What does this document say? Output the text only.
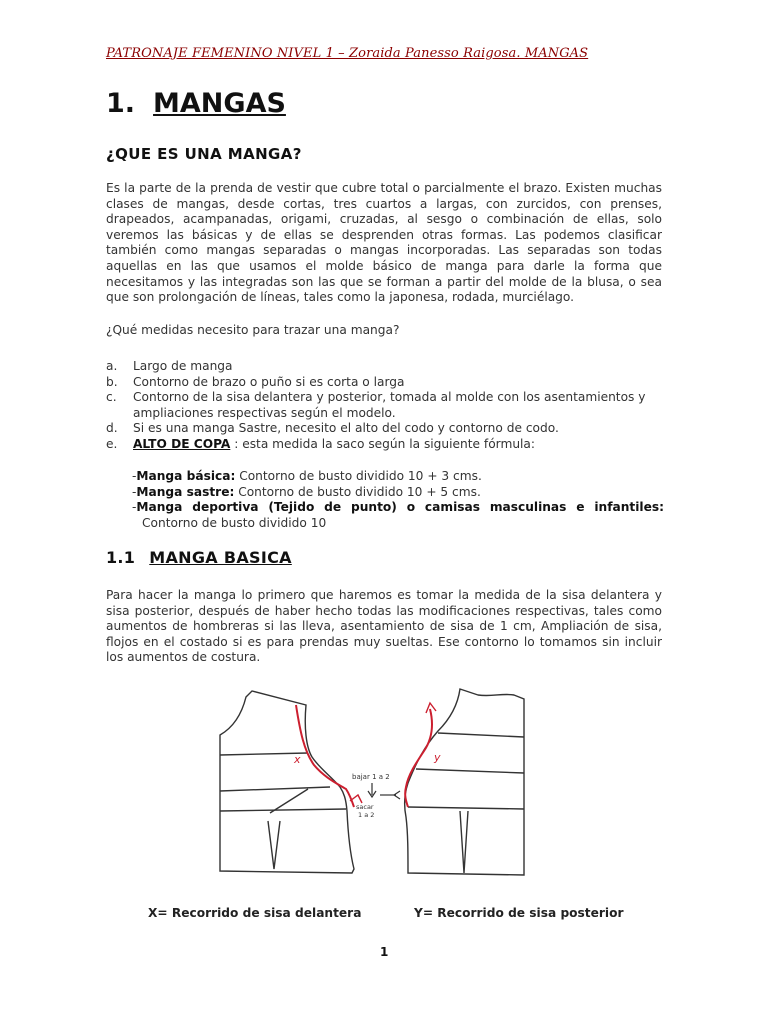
PATRONAJE FEMENINO NIVEL 1 – Zoraida Panesso Raigosa. MANGAS
1. MANGAS
¿QUE ES UNA MANGA?
Es la parte de la prenda de vestir que cubre total o parcialmente el brazo. Existen muchas
clases de mangas, desde cortas, tres cuartos a largas, con zurcidos, con prenses,
drapeados, acampanadas, origami, cruzadas, al sesgo o combinación de ellas, solo
veremos las básicas y de ellas se desprenden otras formas. Las podemos clasificar
también como mangas separadas o mangas incorporadas. Las separadas son todas
aquellas en las que usamos el molde básico de manga para darle la forma que
necesitamos y las integradas son las que se forman a partir del molde de la blusa, o sea
que son prolongación de líneas, tales como la japonesa, rodada, murciélago.
¿Qué medidas necesito para trazar una manga?
a. Largo de manga
b. Contorno de brazo o puño si es corta o larga
c. Contorno de la sisa delantera y posterior, tomada al molde con los asentamientos y ampliaciones respectivas según el modelo.
d. Si es una manga Sastre, necesito el alto del codo y contorno de codo.
e. ALTO DE COPA : esta medida la saco según la siguiente fórmula:
-Manga básica: Contorno de busto dividido 10 + 3 cms.
-Manga sastre: Contorno de busto dividido 10 + 5 cms.
-Manga deportiva (Tejido de punto) o camisas masculinas e infantiles:
Contorno de busto dividido 10
1.1 MANGA BASICA
Para hacer la manga lo primero que haremos es tomar la medida de la sisa delantera y
sisa posterior, después de haber hecho todas las modificaciones respectivas, tales como
aumentos de hombreras si las lleva, asentamiento de sisa de 1 cm, Ampliación de sisa,
flojos en el costado si es para prendas muy sueltas. Ese contorno lo tomamos sin incluir
los aumentos de costura.
x	y
bajar 1 a 2
sacar
1 a 2
X= Recorrido de sisa delantera	Y= Recorrido de sisa posterior
1
